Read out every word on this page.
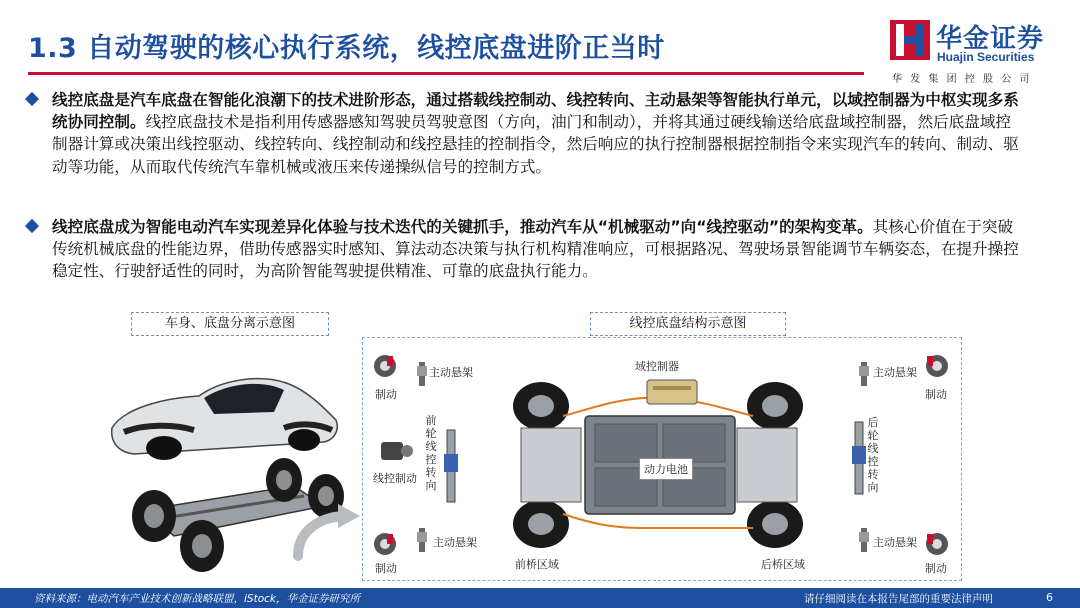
1.3 自动驾驶的核心执行系统，线控底盘进阶正当时	华金证券
Huajin Securities
华发集团控股公司
线控底盘是汽车底盘在智能化浪潮下的技术进阶形态，通过搭载线控制动、线控转向、主动悬架等智能执行单元，以域控制器为中枢实现多系统协同控制。线控底盘技术是指利用传感器感知驾驶员驾驶意图（方向，油门和制动），并将其通过硬线输送给底盘域控制器，然后底盘域控制器计算或决策出线控驱动、线控转向、线控制动和线控悬挂的控制指令，然后响应的执行控制器根据控制指令来实现汽车的转向、制动、驱动等功能，从而取代传统汽车靠机械或液压来传递操纵信号的控制方式。
线控底盘成为智能电动汽车实现差异化体验与技术迭代的关键抓手，推动汽车从“机械驱动”向“线控驱动”的架构变革。其核心价值在于突破传统机械底盘的性能边界，借助传感器实时感知、算法动态决策与执行机构精准响应，可根据路况、驾驶场景智能调节车辆姿态，在提升操控稳定性、行驶舒适性的同时，为高阶智能驾驶提供精准、可靠的底盘执行能力。
车身、底盘分离示意图	线控底盘结构示意图
域控制器
动力电池
前桥区域	后桥区域
主动悬架
主动悬架
主动悬架
主动悬架
制动
制动
制动
制动
线控制动
前轮线控转向
后轮线控转向
资料来源：电动汽车产业技术创新战略联盟，iStock，华金证券研究所	请仔细阅读在本报告尾部的重要法律声明	6
